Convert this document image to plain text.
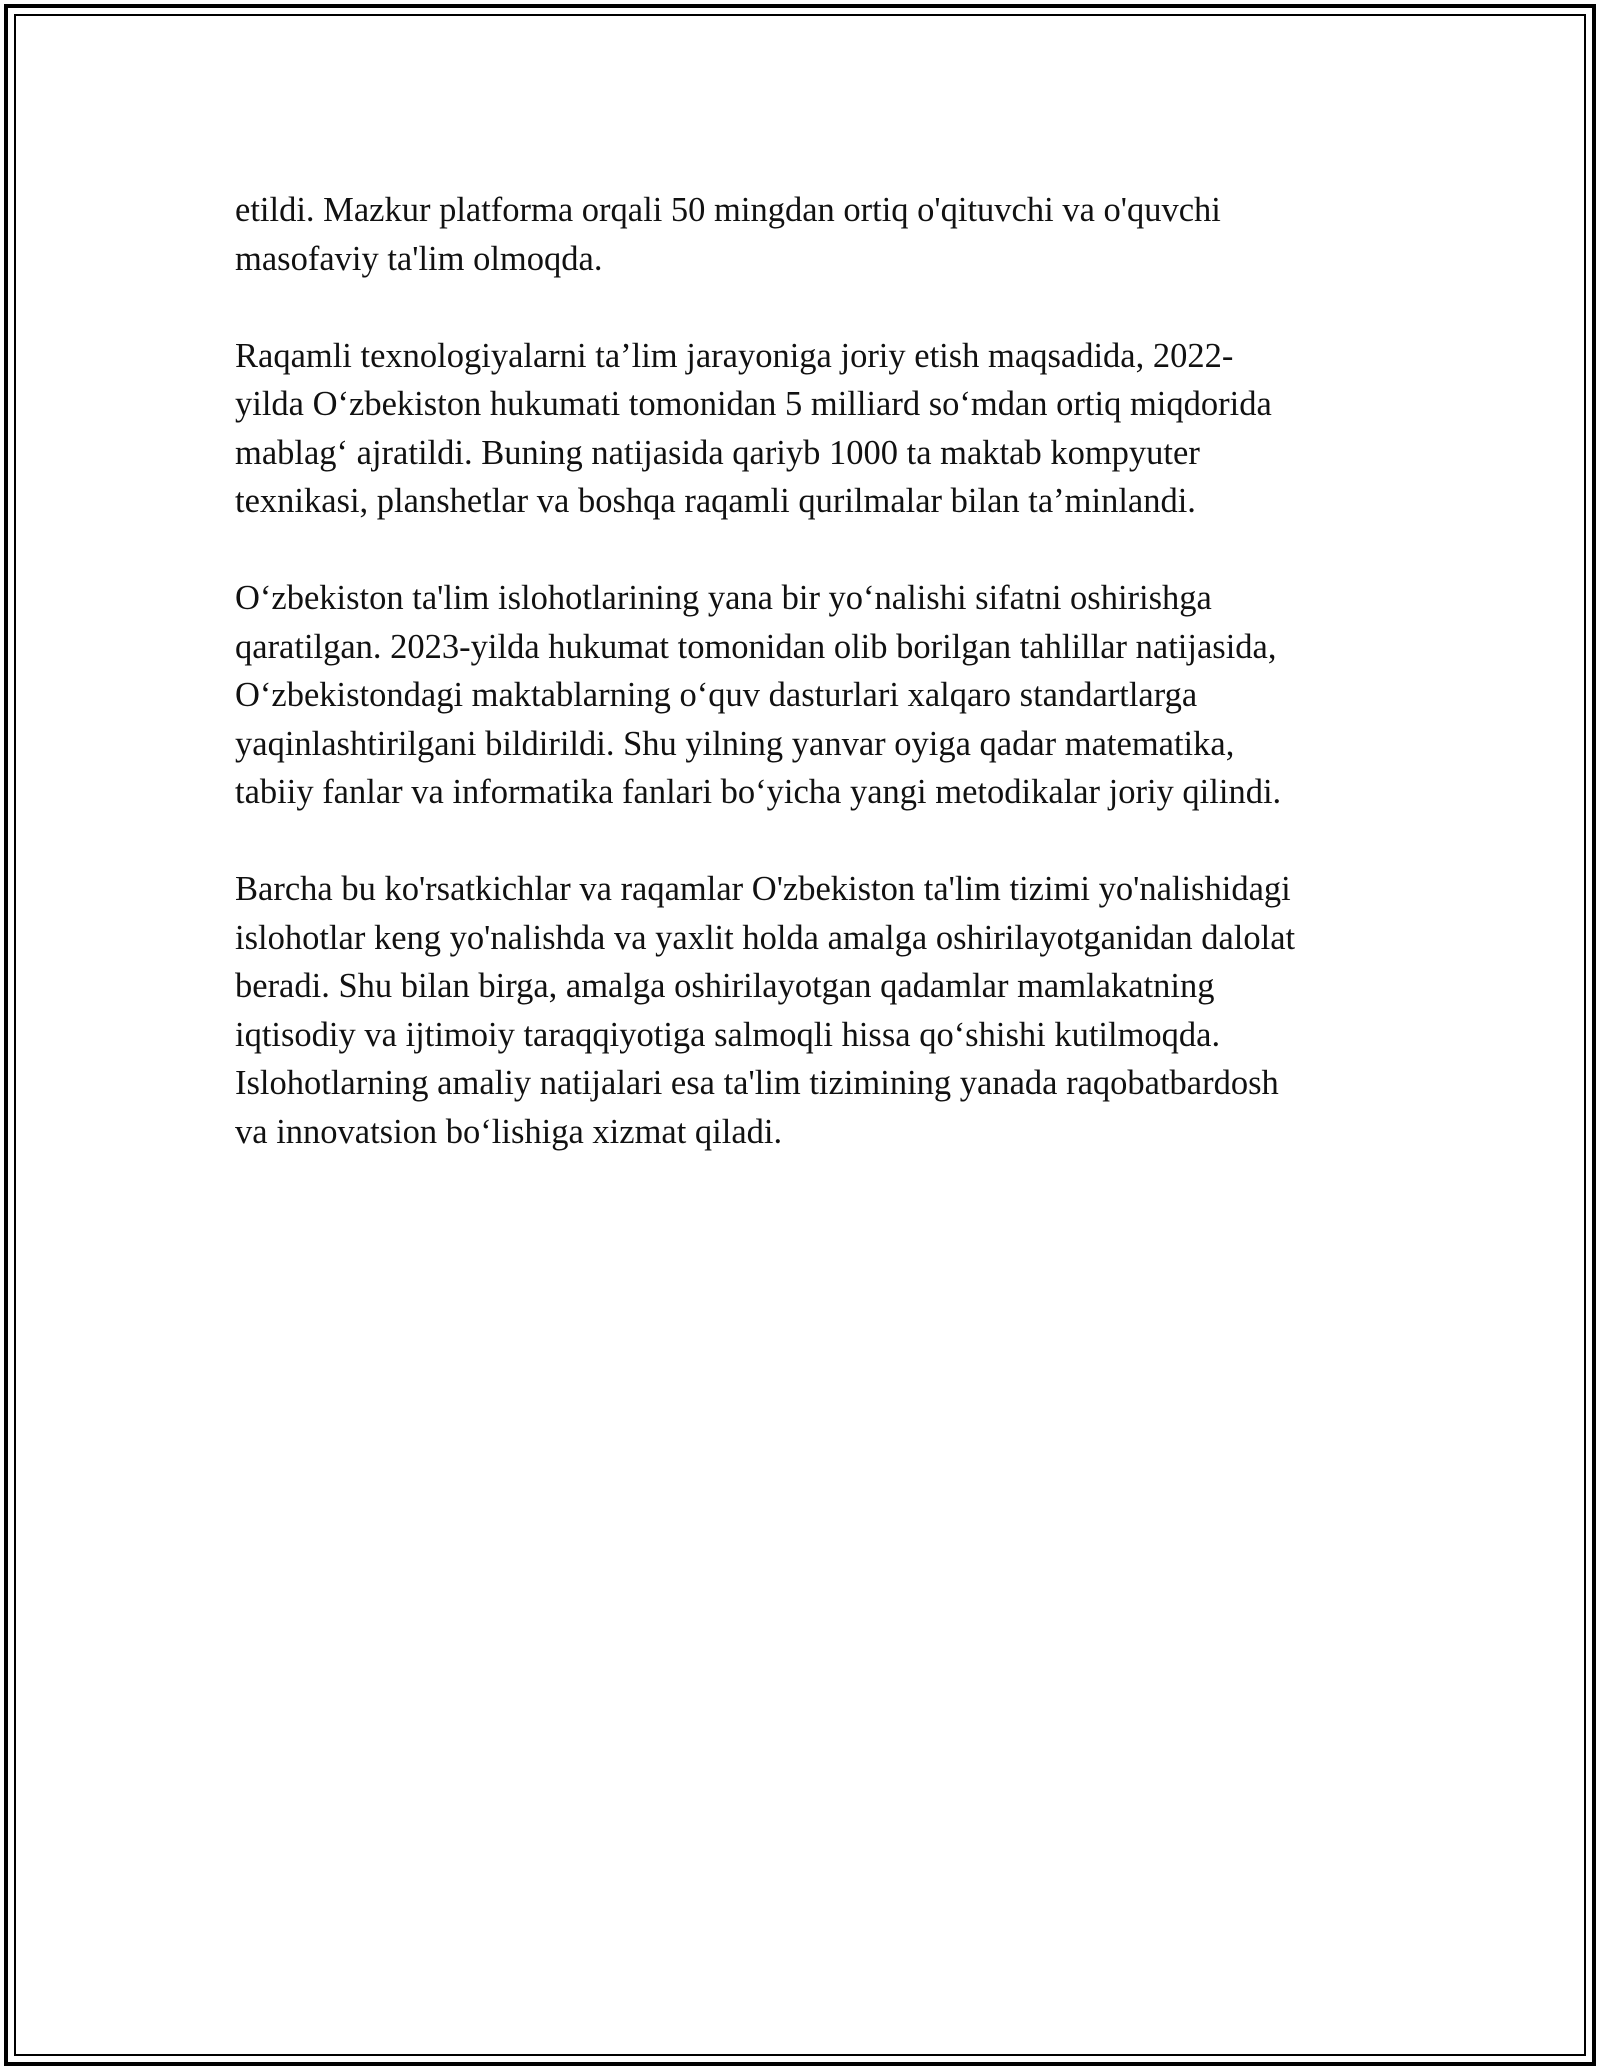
etildi. Mazkur platforma orqali 50 mingdan ortiq o'qituvchi va o'quvchi
masofaviy ta'lim olmoqda.
Raqamli texnologiyalarni ta’lim jarayoniga joriy etish maqsadida, 2022-
yilda O‘zbekiston hukumati tomonidan 5 milliard so‘mdan ortiq miqdorida
mablag‘ ajratildi. Buning natijasida qariyb 1000 ta maktab kompyuter
texnikasi, planshetlar va boshqa raqamli qurilmalar bilan ta’minlandi.
O‘zbekiston ta'lim islohotlarining yana bir yo‘nalishi sifatni oshirishga
qaratilgan. 2023-yilda hukumat tomonidan olib borilgan tahlillar natijasida,
O‘zbekistondagi maktablarning o‘quv dasturlari xalqaro standartlarga
yaqinlashtirilgani bildirildi. Shu yilning yanvar oyiga qadar matematika,
tabiiy fanlar va informatika fanlari bo‘yicha yangi metodikalar joriy qilindi.
Barcha bu ko'rsatkichlar va raqamlar O'zbekiston ta'lim tizimi yo'nalishidagi
islohotlar keng yo'nalishda va yaxlit holda amalga oshirilayotganidan dalolat
beradi. Shu bilan birga, amalga oshirilayotgan qadamlar mamlakatning
iqtisodiy va ijtimoiy taraqqiyotiga salmoqli hissa qo‘shishi kutilmoqda.
Islohotlarning amaliy natijalari esa ta'lim tizimining yanada raqobatbardosh
va innovatsion bo‘lishiga xizmat qiladi.
